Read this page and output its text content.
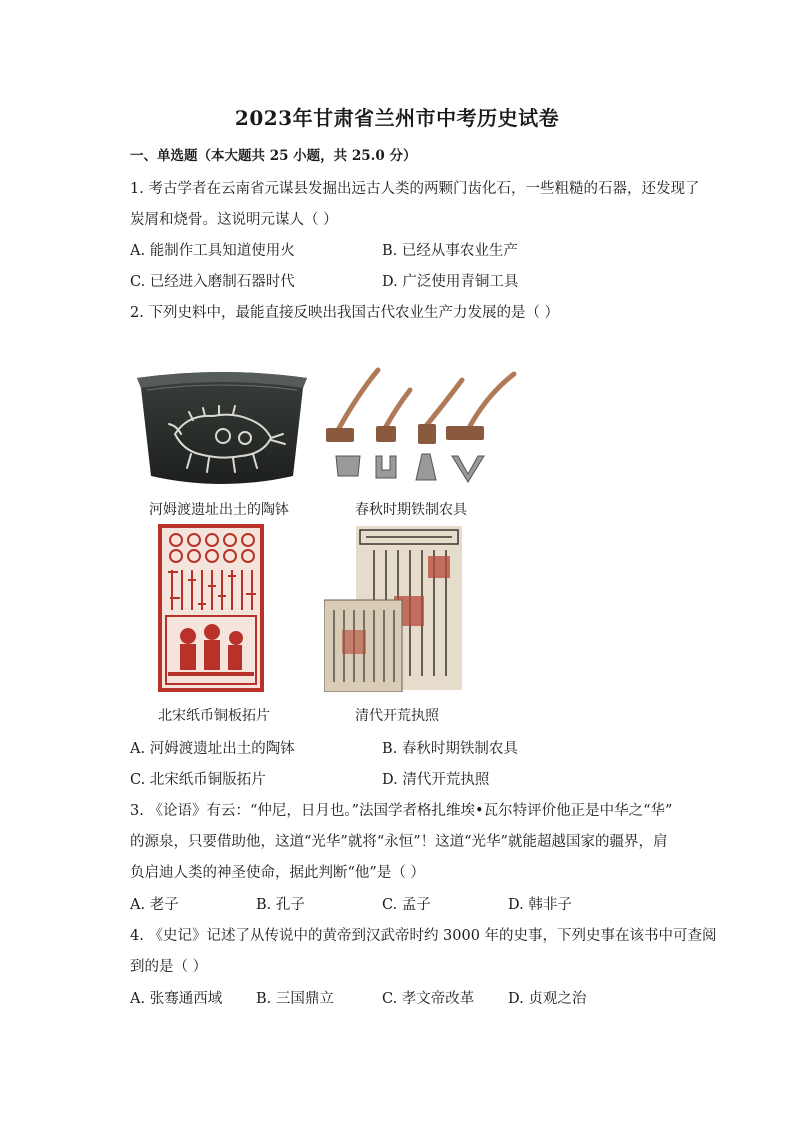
2023年甘肃省兰州市中考历史试卷
一、单选题（本大题共 25 小题，共 25.0 分）
1. 考古学者在云南省元谋县发掘出远古人类的两颗门齿化石，一些粗糙的石器，还发现了
炭屑和烧骨。这说明元谋人（ ）
A. 能制作工具知道使用火	B. 已经从事农业生产
C. 已经进入磨制石器时代	D. 广泛使用青铜工具
2. 下列史料中，最能直接反映出我国古代农业生产力发展的是（ ）
河姆渡遗址出土的陶钵	春秋时期铁制农具
北宋纸币铜板拓片	清代开荒执照
A. 河姆渡遗址出土的陶钵	B. 春秋时期铁制农具
C. 北宋纸币铜版拓片	D. 清代开荒执照
3. 《论语》有云：“仲尼，日月也。”法国学者格扎维埃•瓦尔特评价他正是中华之“华”
的源泉，只要借助他，这道“光华”就将“永恒”！这道“光华”就能超越国家的疆界，肩
负启迪人类的神圣使命，据此判断“他”是（ ）
A. 老子	B. 孔子	C. 孟子	D. 韩非子
4. 《史记》记述了从传说中的黄帝到汉武帝时约 3000 年的史事，下列史事在该书中可查阅
到的是（ ）
A. 张骞通西域 B. 三国鼎立	C. 孝文帝改革 D. 贞观之治
